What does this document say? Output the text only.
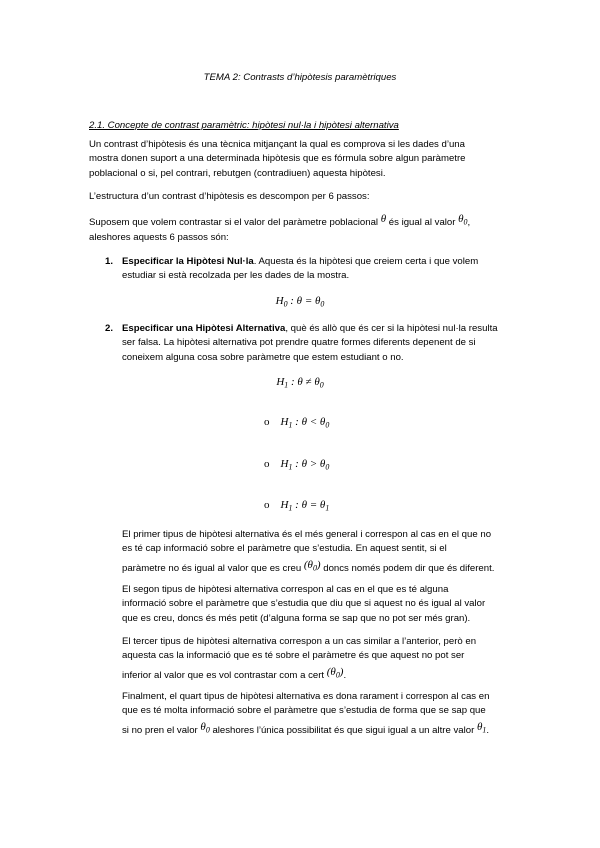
TEMA 2: Contrasts d’hipòtesis paramètriques
2.1. Concepte de contrast paramètric: hipòtesi nul·la i hipòtesi alternativa
Un contrast d’hipòtesis és una tècnica mitjançant la qual es comprova si les dades d’una
mostra donen suport a una determinada hipòtesis que es fórmula sobre algun paràmetre
poblacional o si, pel contrari, rebutgen (contradiuen) aquesta hipòtesi.
L’estructura d’un contrast d’hipòtesis es descompon per 6 passos:
Suposem que volem contrastar si el valor del paràmetre poblacional θ és igual al valor $\theta_0$,
aleshores aquests 6 passos són:
1. Especificar la Hipòtesi Nul·la. Aquesta és la hipòtesi que creiem certa i que volem
estudiar si està recolzada per les dades de la mostra.
$H_0$ : $\theta = \theta_0$
2. Especificar una Hipòtesi Alternativa, què és allò que és cer si la hipòtesi nul·la resulta
ser falsa. La hipòtesi alternativa pot prendre quatre formes diferents depenent de si
coneixem alguna cosa sobre paràmetre que estem estudiant o no.
$H_1$ : $\theta \ne \theta_0$
o $H_1$ : $\theta < \theta_0$
o $H_1$ : $\theta > \theta_0$
o $H_1$ : $\theta = \theta_1$
El primer tipus de hipòtesi alternativa és el més general i correspon al cas en el que no
es té cap informació sobre el paràmetre que s’estudia. En aquest sentit, si el
paràmetre no és igual al valor que es creu $(\theta_0)$ doncs només podem dir que és diferent.
El segon tipus de hipòtesi alternativa correspon al cas en el que es té alguna
informació sobre el paràmetre que s’estudia que diu que si aquest no és igual al valor
que es creu, doncs és més petit (d’alguna forma se sap que no pot ser més gran).
El tercer tipus de hipòtesi alternativa correspon a un cas similar a l’anterior, però en
aquesta cas la informació que es té sobre el paràmetre és que aquest no pot ser
inferior al valor que es vol contrastar com a cert $(\theta_0)$.
Finalment, el quart tipus de hipòtesi alternativa es dona rarament i correspon al cas en
que es té molta informació sobre el paràmetre que s’estudia de forma que se sap que
si no pren el valor $\theta_0$ aleshores l’única possibilitat és que sigui igual a un altre valor $\theta_1$.
